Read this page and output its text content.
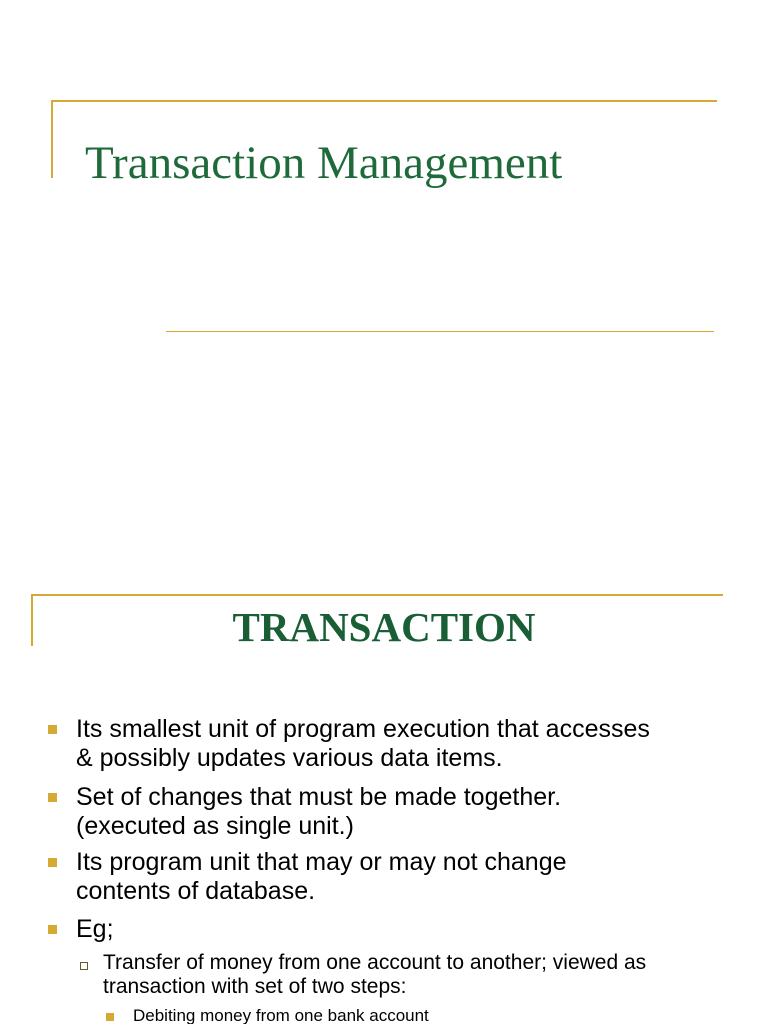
Transaction Management
TRANSACTION
Its smallest unit of program execution that accesses
& possibly updates various data items.
Set of changes that must be made together.
(executed as single unit.)
Its program unit that may or may not change
contents of database.
Eg;
Transfer of money from one account to another; viewed as
transaction with set of two steps:
Debiting money from one bank account
